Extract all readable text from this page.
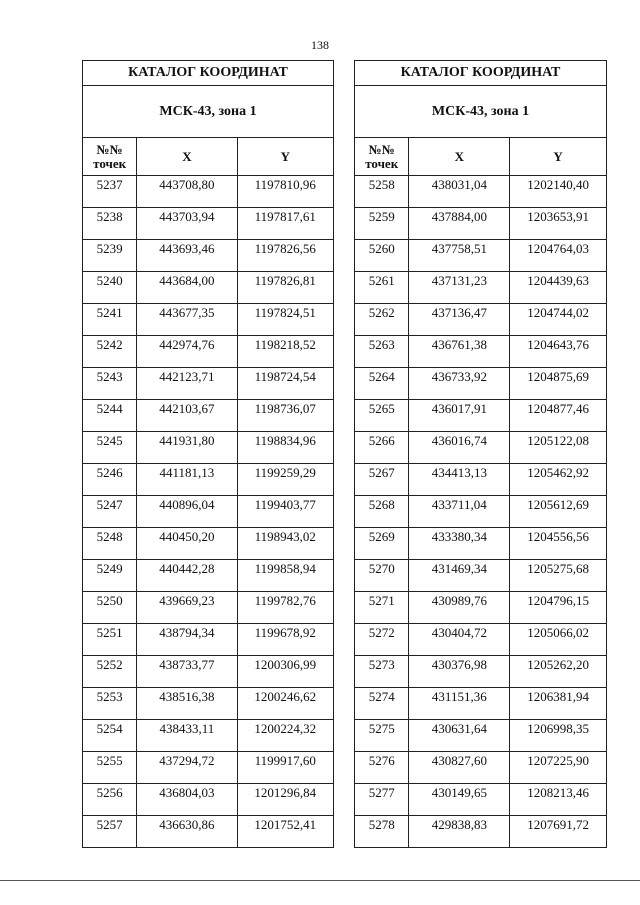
138
КАТАЛОГ КООРДИНАТ		
МСК-43, зона 1		
№№
точек	X	Y
5237	443708,80	1197810,96
5238	443703,94	1197817,61
5239	443693,46	1197826,56
5240	443684,00	1197826,81
5241	443677,35	1197824,51
5242	442974,76	1198218,52
5243	442123,71	1198724,54
5244	442103,67	1198736,07
5245	441931,80	1198834,96
5246	441181,13	1199259,29
5247	440896,04	1199403,77
5248	440450,20	1198943,02
5249	440442,28	1199858,94
5250	439669,23	1199782,76
5251	438794,34	1199678,92
5252	438733,77	1200306,99
5253	438516,38	1200246,62
5254	438433,11	1200224,32
5255	437294,72	1199917,60
5256	436804,03	1201296,84
5257	436630,86	1201752,41
КАТАЛОГ КООРДИНАТ		
МСК-43, зона 1		
№№
точек	X	Y
5258	438031,04	1202140,40
5259	437884,00	1203653,91
5260	437758,51	1204764,03
5261	437131,23	1204439,63
5262	437136,47	1204744,02
5263	436761,38	1204643,76
5264	436733,92	1204875,69
5265	436017,91	1204877,46
5266	436016,74	1205122,08
5267	434413,13	1205462,92
5268	433711,04	1205612,69
5269	433380,34	1204556,56
5270	431469,34	1205275,68
5271	430989,76	1204796,15
5272	430404,72	1205066,02
5273	430376,98	1205262,20
5274	431151,36	1206381,94
5275	430631,64	1206998,35
5276	430827,60	1207225,90
5277	430149,65	1208213,46
5278	429838,83	1207691,72
